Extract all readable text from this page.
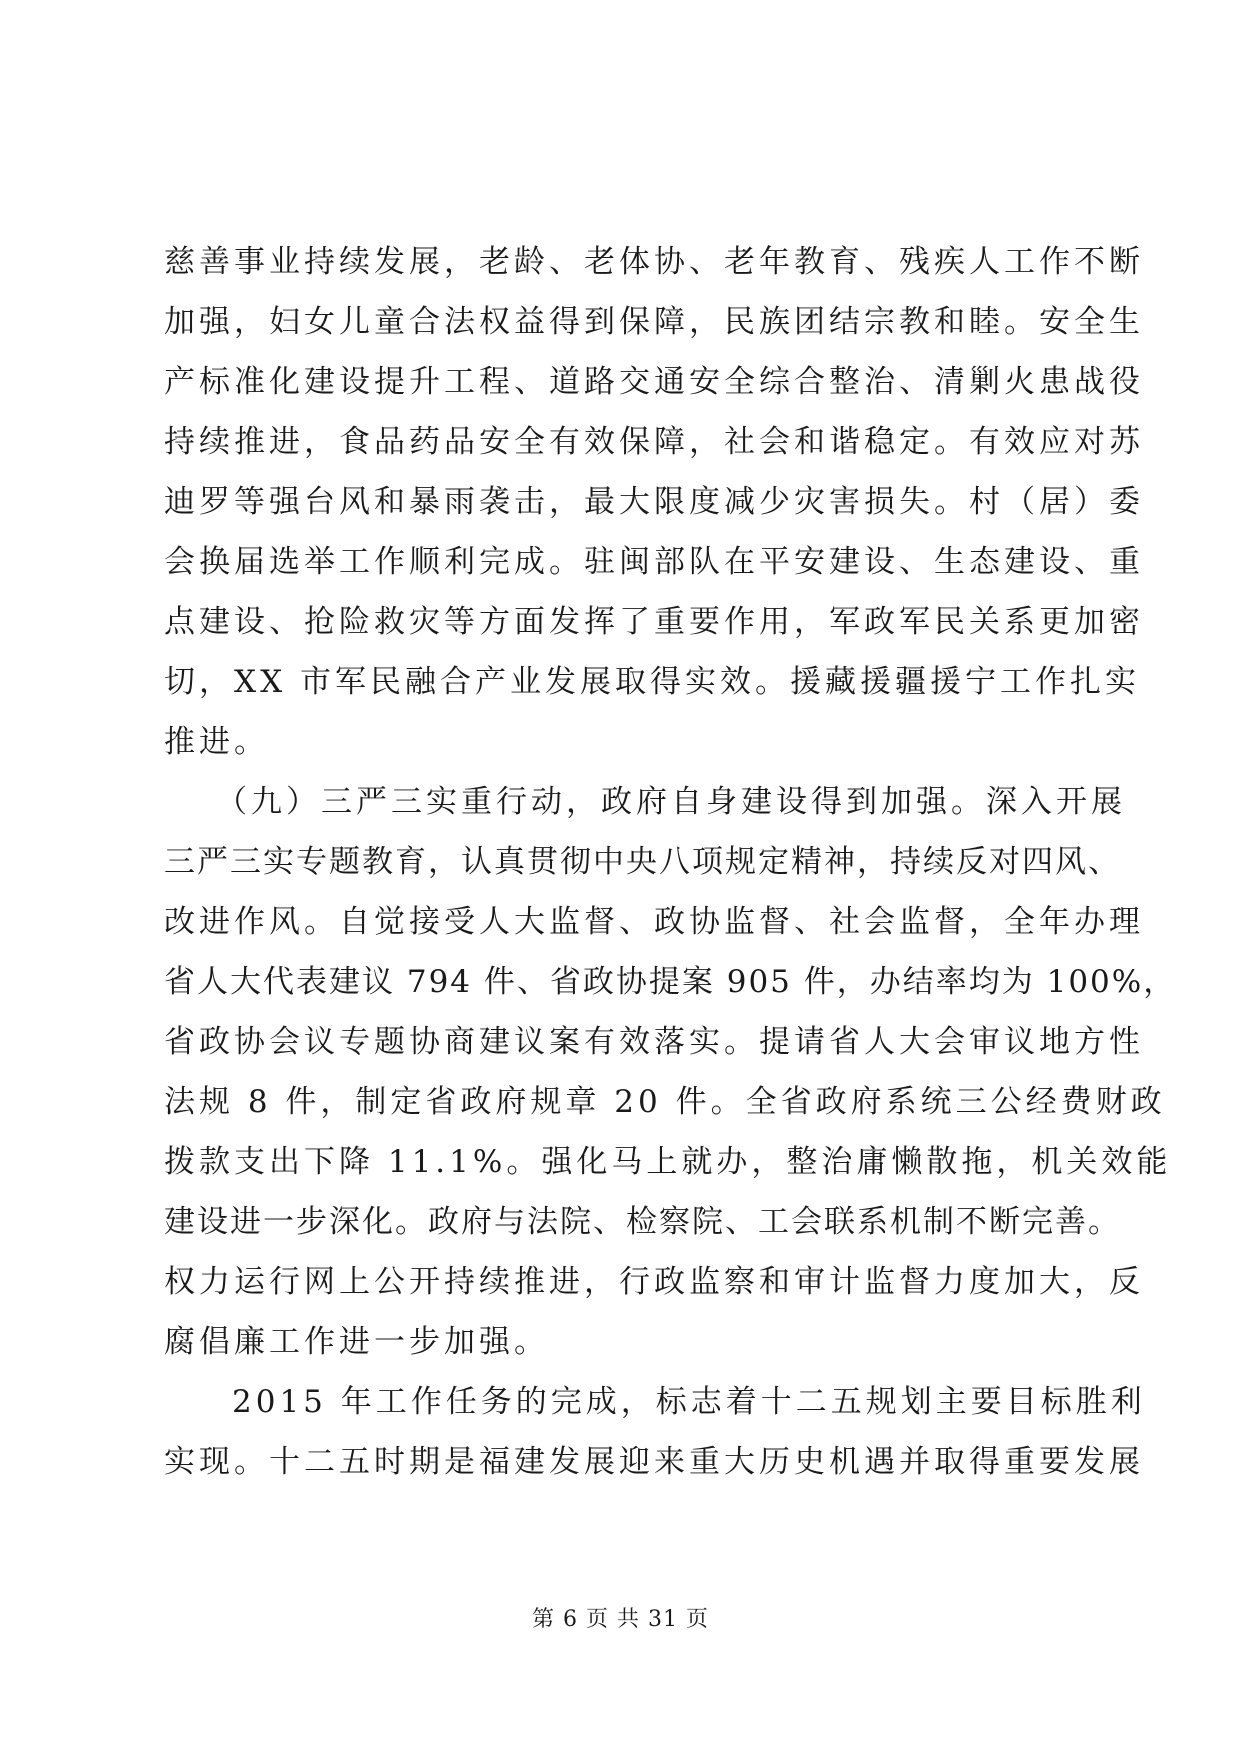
慈善事业持续发展，老龄、老体协、老年教育、残疾人工作不断
加强，妇女儿童合法权益得到保障，民族团结宗教和睦。安全生
产标准化建设提升工程、道路交通安全综合整治、清剿火患战役
持续推进，食品药品安全有效保障，社会和谐稳定。有效应对苏
迪罗等强台风和暴雨袭击，最大限度减少灾害损失。村（居）委
会换届选举工作顺利完成。驻闽部队在平安建设、生态建设、重
点建设、抢险救灾等方面发挥了重要作用，军政军民关系更加密
切，XX 市军民融合产业发展取得实效。援藏援疆援宁工作扎实
推进。
（九）三严三实重行动，政府自身建设得到加强。深入开展
三严三实专题教育，认真贯彻中央八项规定精神，持续反对四风、
改进作风。自觉接受人大监督、政协监督、社会监督，全年办理
省人大代表建议 794 件、省政协提案 905 件，办结率均为 100%，
省政协会议专题协商建议案有效落实。提请省人大会审议地方性
法规 8 件，制定省政府规章 20 件。全省政府系统三公经费财政
拨款支出下降 11.1%。强化马上就办，整治庸懒散拖，机关效能
建设进一步深化。政府与法院、检察院、工会联系机制不断完善。
权力运行网上公开持续推进，行政监察和审计监督力度加大，反
腐倡廉工作进一步加强。
2015 年工作任务的完成，标志着十二五规划主要目标胜利
实现。十二五时期是福建发展迎来重大历史机遇并取得重要发展
第 6 页 共 31 页
